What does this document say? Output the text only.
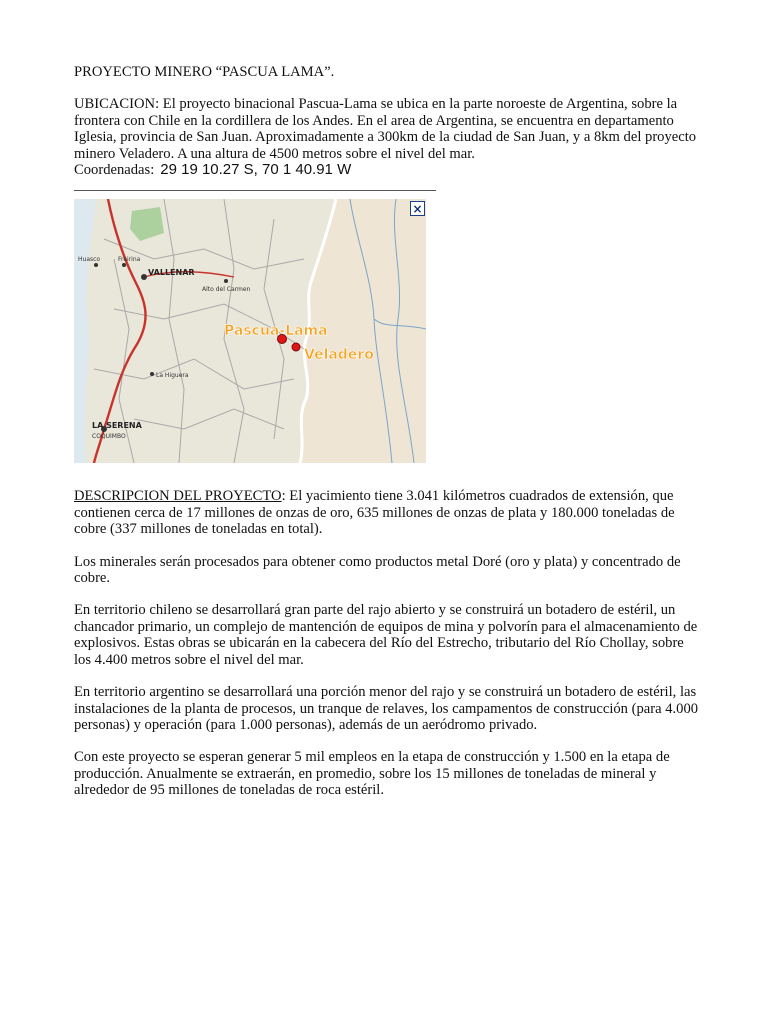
PROYECTO MINERO “PASCUA LAMA”.

UBICACION: El proyecto binacional Pascua-Lama se ubica en la parte noroeste de Argentina, sobre la frontera con Chile en la cordillera de los Andes. En el area de Argentina, se encuentra en departamento Iglesia, provincia de San Juan. Aproximadamente a 300km de la ciudad de San Juan, y a 8km del proyecto minero Veladero. A una altura de 4500 metros sobre el nivel del mar.
Coordenadas: 29 19 10.27 S, 70 1 40.91 W

VALLENAR
Alto del Carmen
LA SERENA
COQUIMBO
La Higuera
Huasco	Freirina
Pascua-Lama
Veladero
×

DESCRIPCION DEL PROYECTO: El yacimiento tiene 3.041 kilómetros cuadrados de extensión, que contienen cerca de 17 millones de onzas de oro, 635 millones de onzas de plata y 180.000 toneladas de cobre (337 millones de toneladas en total).

Los minerales serán procesados para obtener como productos metal Doré (oro y plata) y concentrado de cobre.

En territorio chileno se desarrollará gran parte del rajo abierto y se construirá un botadero de estéril, un chancador primario, un complejo de mantención de equipos de mina y polvorín para el almacenamiento de explosivos. Estas obras se ubicarán en la cabecera del Río del Estrecho, tributario del Río Chollay, sobre los 4.400 metros sobre el nivel del mar.

En territorio argentino se desarrollará una porción menor del rajo y se construirá un botadero de estéril, las instalaciones de la planta de procesos, un tranque de relaves, los campamentos de construcción (para 4.000 personas) y operación (para 1.000 personas), además de un aeródromo privado.

Con este proyecto se esperan generar 5 mil empleos en la etapa de construcción y 1.500 en la etapa de producción. Anualmente se extraerán, en promedio, sobre los 15 millones de toneladas de mineral y alrededor de 95 millones de toneladas de roca estéril.
